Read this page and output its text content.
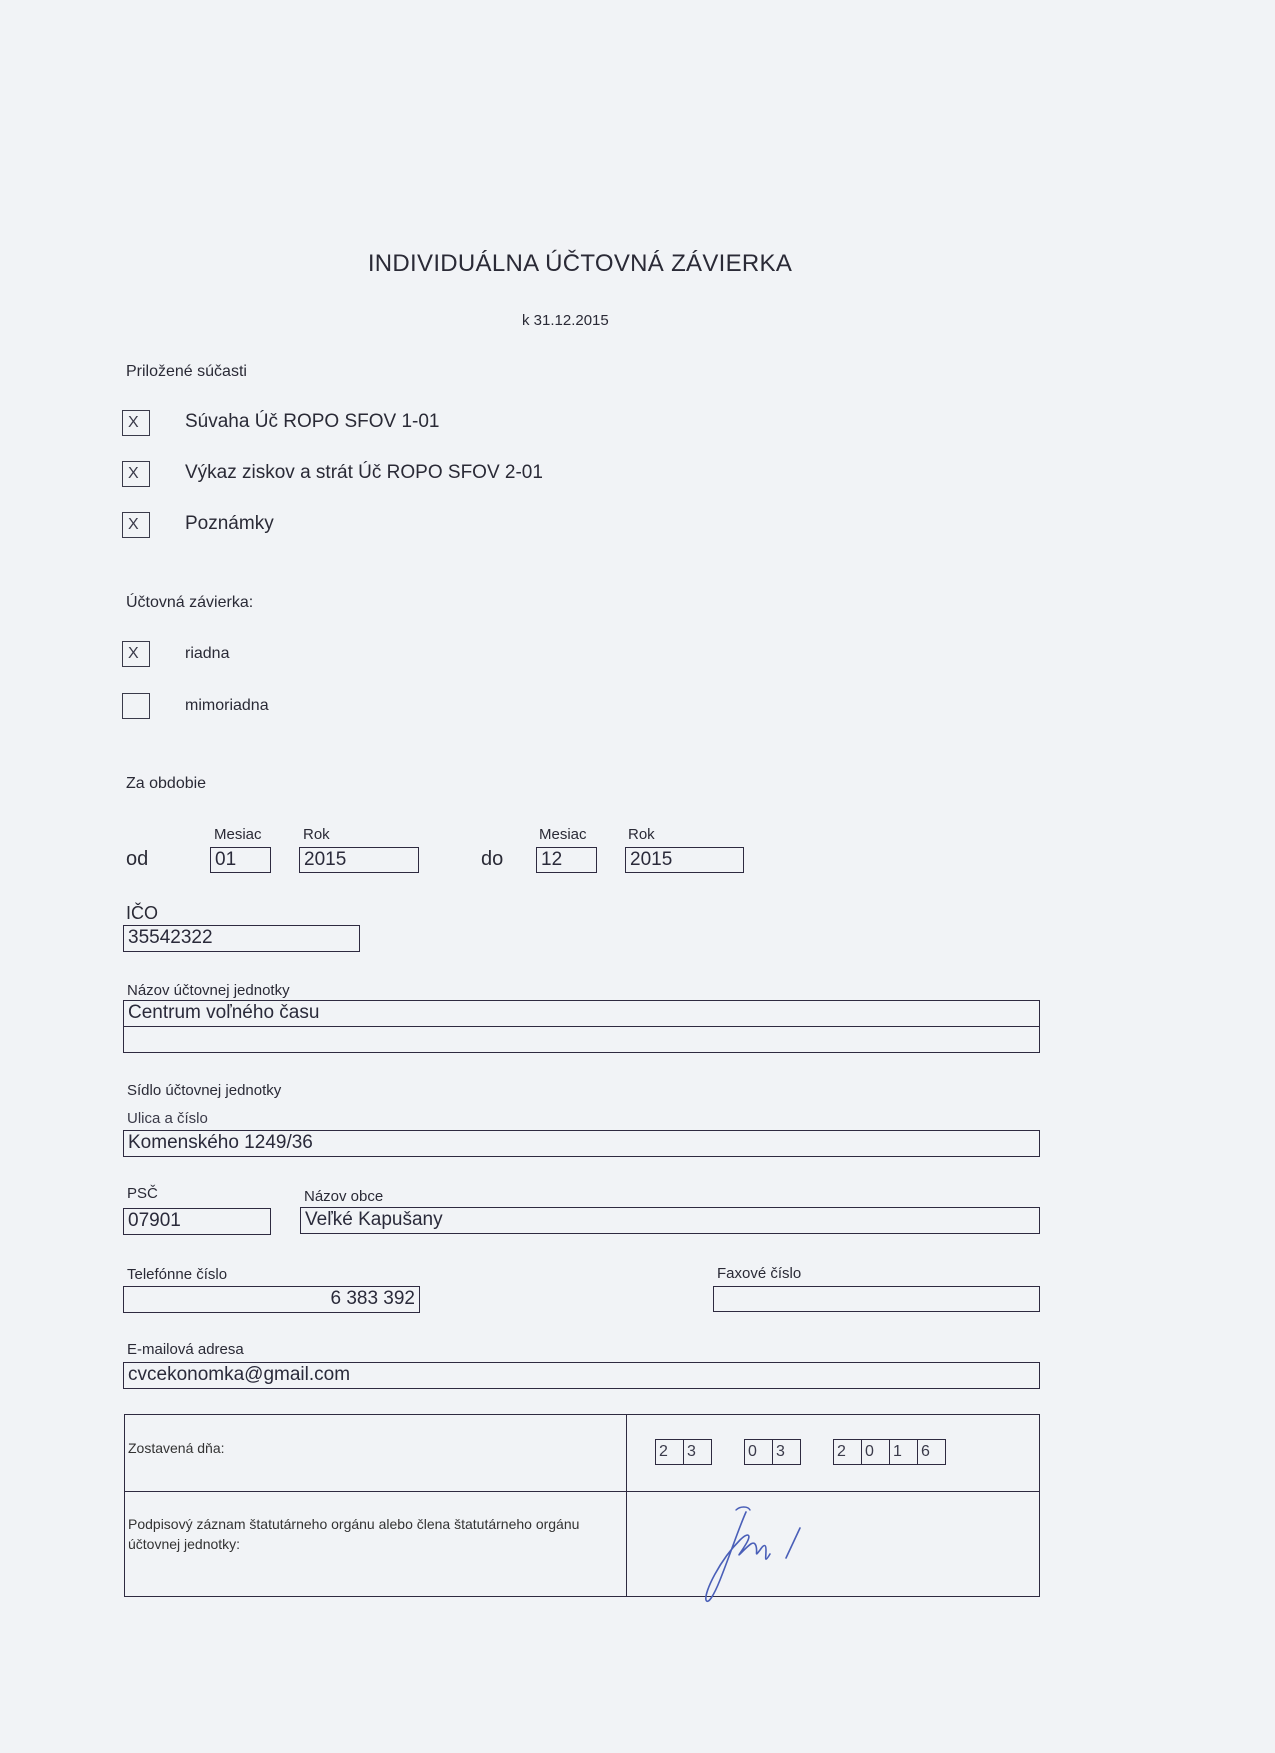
INDIVIDUÁLNA ÚČTOVNÁ ZÁVIERKA
k 31.12.2015
Priložené súčasti
X	Súvaha Úč ROPO SFOV 1-01
X	Výkaz ziskov a strát Úč ROPO SFOV 2-01
X	Poznámky
Účtovná závierka:
X	riadna
mimoriadna
Za obdobie
Mesiac	Rok
od	01	2015
Mesiac	Rok
do 12	2015
IČO
35542322
Názov účtovnej jednotky
Centrum voľného času
Sídlo účtovnej jednotky
Ulica a číslo
Komenského 1249/36
PSČ
07901
Názov obce
Veľké Kapušany
Telefónne číslo
6 383 392
Faxové číslo
E-mailová adresa
cvcekonomka@gmail.com
Zostavená dňa:	2	3	0	3	2	0	1	6
Podpisový záznam štatutárneho orgánu alebo člena štatutárneho orgánu účtovnej jednotky:
